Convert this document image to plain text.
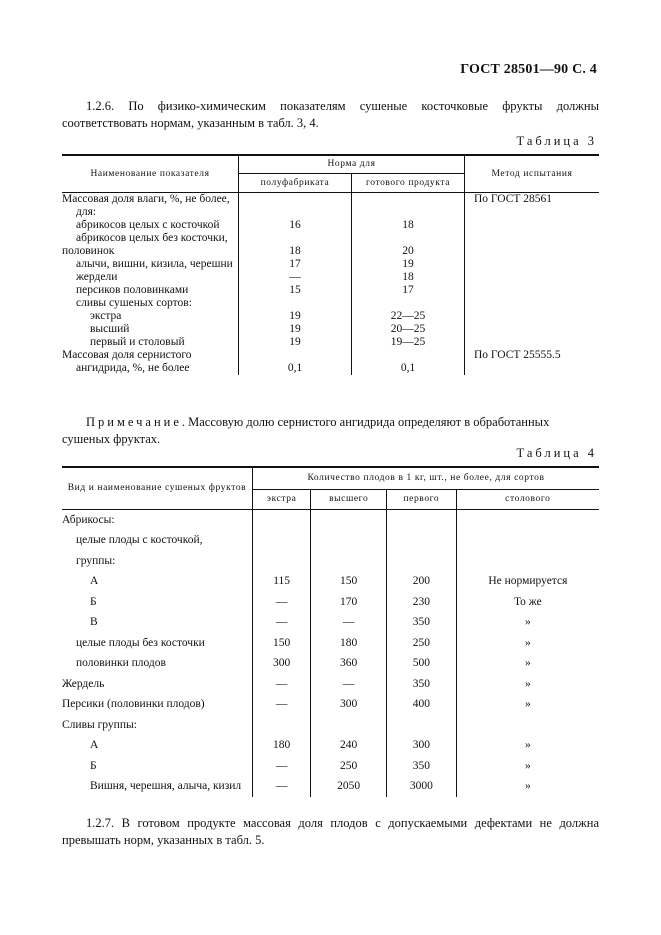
ГОСТ 28501—90 С. 4
1.2.6. По физико-химическим показателям сушеные косточковые фрукты должны соответствовать нормам, указанным в табл. 3, 4.
Таблица 3
Наименование показателя	Норма для		Метод испытания
	полуфабриката	готового продукта	
Массовая доля влаги, %, не более, для:			По ГОСТ 28561
абрикосов целых с косточкой	16	18	
абрикосов целых без косточки, половинок	18	20	
алычи, вишни, кизила, черешни	17	19	
жердели	—	18	
персиков половинками	15	17	
сливы сушеных сортов:			
экстра	19	22—25	
высший	19	20—25	
первый и столовый	19	19—25	
Массовая доля сернистого ангидрида, %, не более	0,1	0,1	По ГОСТ 25555.5
Примечание. Массовую долю сернистого ангидрида определяют в обработанных сушеных фруктах.
Таблица 4
Вид и наименование сушеных фруктов	Количество плодов в 1 кг, шт., не более, для сортов			
	экстра	высшего	первого	столового
Абрикосы:				
целые плоды с косточкой,				
группы:				
А	115	150	200	Не нормируется
Б	—	170	230	То же
В	—	—	350	»
целые плоды без косточки	150	180	250	»
половинки плодов	300	360	500	»
Жердель	—	—	350	»
Персики (половинки плодов)	—	300	400	»
Сливы группы:				
А	180	240	300	»
Б	—	250	350	»
Вишня, черешня, алыча, кизил	—	2050	3000	»
1.2.7. В готовом продукте массовая доля плодов с допускаемыми дефектами не должна превышать норм, указанных в табл. 5.
